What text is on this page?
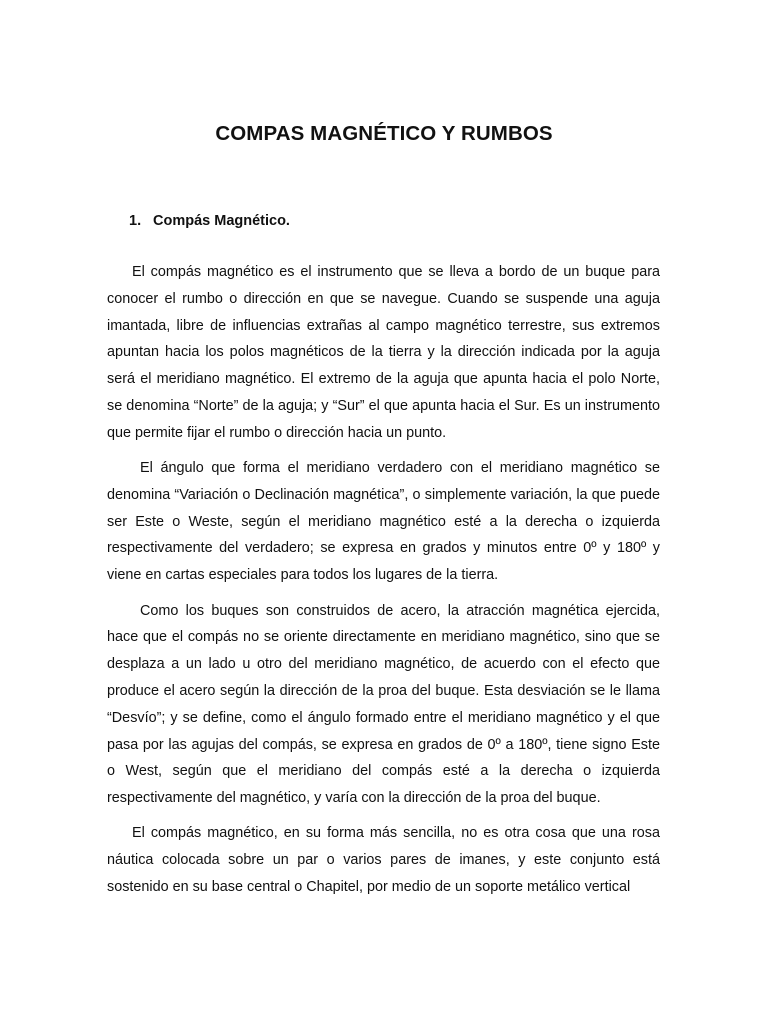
COMPAS MAGNÉTICO Y RUMBOS
1. Compás Magnético.

El compás magnético es el instrumento que se lleva a bordo de un buque para conocer el rumbo o dirección en que se navegue. Cuando se suspende una aguja imantada, libre de influencias extrañas al campo magnético terrestre, sus extremos apuntan hacia los polos magnéticos de la tierra y la dirección indicada por la aguja será el meridiano magnético. El extremo de la aguja que apunta hacia el polo Norte, se denomina “Norte” de la aguja; y “Sur” el que apunta hacia el Sur. Es un instrumento que permite fijar el rumbo o dirección hacia un punto.

El ángulo que forma el meridiano verdadero con el meridiano magnético se denomina “Variación o Declinación magnética”, o simplemente variación, la que puede ser Este o Weste, según el meridiano magnético esté a la derecha o izquierda respectivamente del verdadero; se expresa en grados y minutos entre 0º y 180º y viene en cartas especiales para todos los lugares de la tierra.

Como los buques son construidos de acero, la atracción magnética ejercida, hace que el compás no se oriente directamente en meridiano magnético, sino que se desplaza a un lado u otro del meridiano magnético, de acuerdo con el efecto que produce el acero según la dirección de la proa del buque. Esta desviación se le llama “Desvío”; y se define, como el ángulo formado entre el meridiano magnético y el que pasa por las agujas del compás, se expresa en grados de 0º a 180º, tiene signo Este o West, según que el meridiano del compás esté a la derecha o izquierda respectivamente del magnético, y varía con la dirección de la proa del buque.

El compás magnético, en su forma más sencilla, no es otra cosa que una rosa náutica colocada sobre un par o varios pares de imanes, y este conjunto está sostenido en su base central o Chapitel, por medio de un soporte metálico vertical
